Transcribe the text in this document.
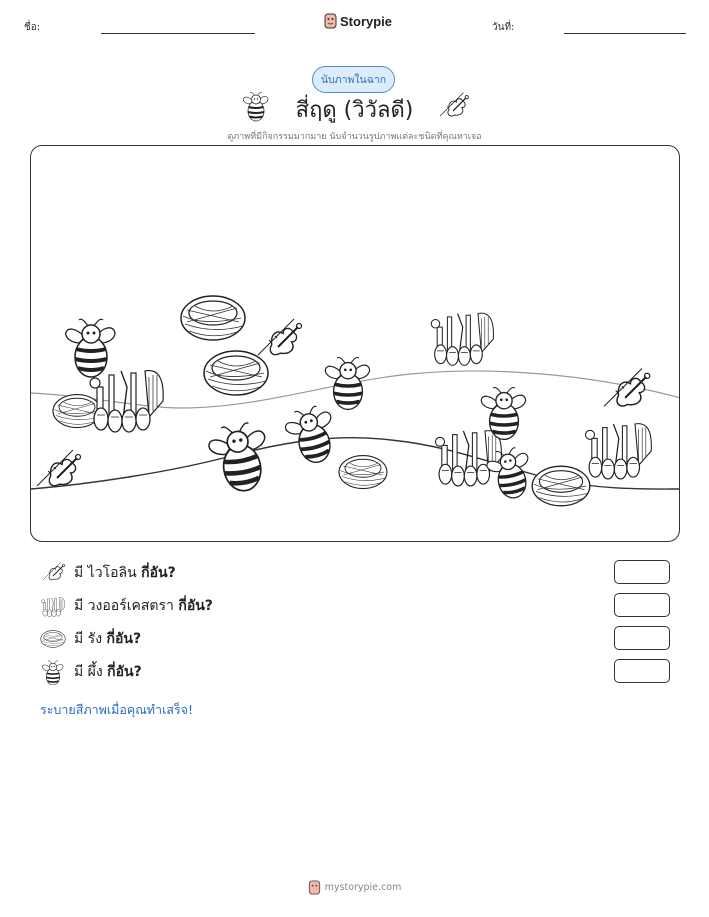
ชื่อ:	Storypie	วันที่:
นับภาพในฉาก
สี่ฤดู (วิวัลดี)
ดูภาพที่มีกิจกรรมมากมาย นับจำนวนรูปภาพแต่ละชนิดที่คุณหาเจอ
มี ไวโอลิน กี่อัน?
มี วงออร์เคสตรา กี่อัน?
มี รัง กี่อัน?
มี ผึ้ง กี่อัน?
ระบายสีภาพเมื่อคุณทำเสร็จ!
mystorypie.com
